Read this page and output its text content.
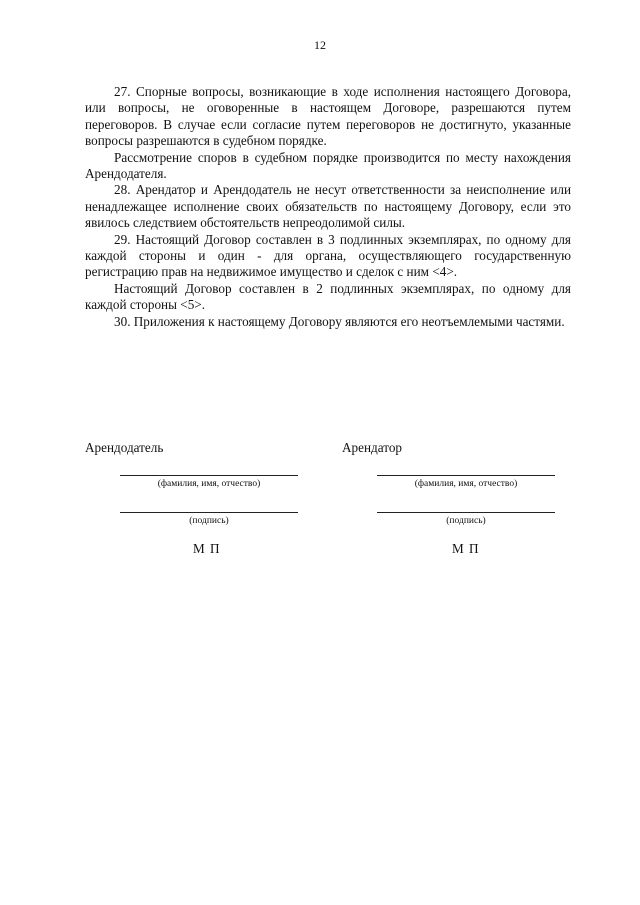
12

27. Спорные вопросы, возникающие в ходе исполнения настоящего Договора, или вопросы, не оговоренные в настоящем Договоре, разрешаются путем переговоров. В случае если согласие путем переговоров не достигнуто, указанные вопросы разрешаются в судебном порядке.

Рассмотрение споров в судебном порядке производится по месту нахождения Арендодателя.

28. Арендатор и Арендодатель не несут ответственности за неисполнение или ненадлежащее исполнение своих обязательств по настоящему Договору, если это явилось следствием обстоятельств непреодолимой силы.

29. Настоящий Договор составлен в 3 подлинных экземплярах, по одному для каждой стороны и один - для органа, осуществляющего государственную регистрацию прав на недвижимое имущество и сделок с ним <4>.

Настоящий Договор составлен в 2 подлинных экземплярах, по одному для каждой стороны <5>.

30. Приложения к настоящему Договору являются его неотъемлемыми частями.

Арендодатель	Арендатор
(фамилия, имя, отчество)	(фамилия, имя, отчество)
(подпись)	(подпись)
М П	М П
